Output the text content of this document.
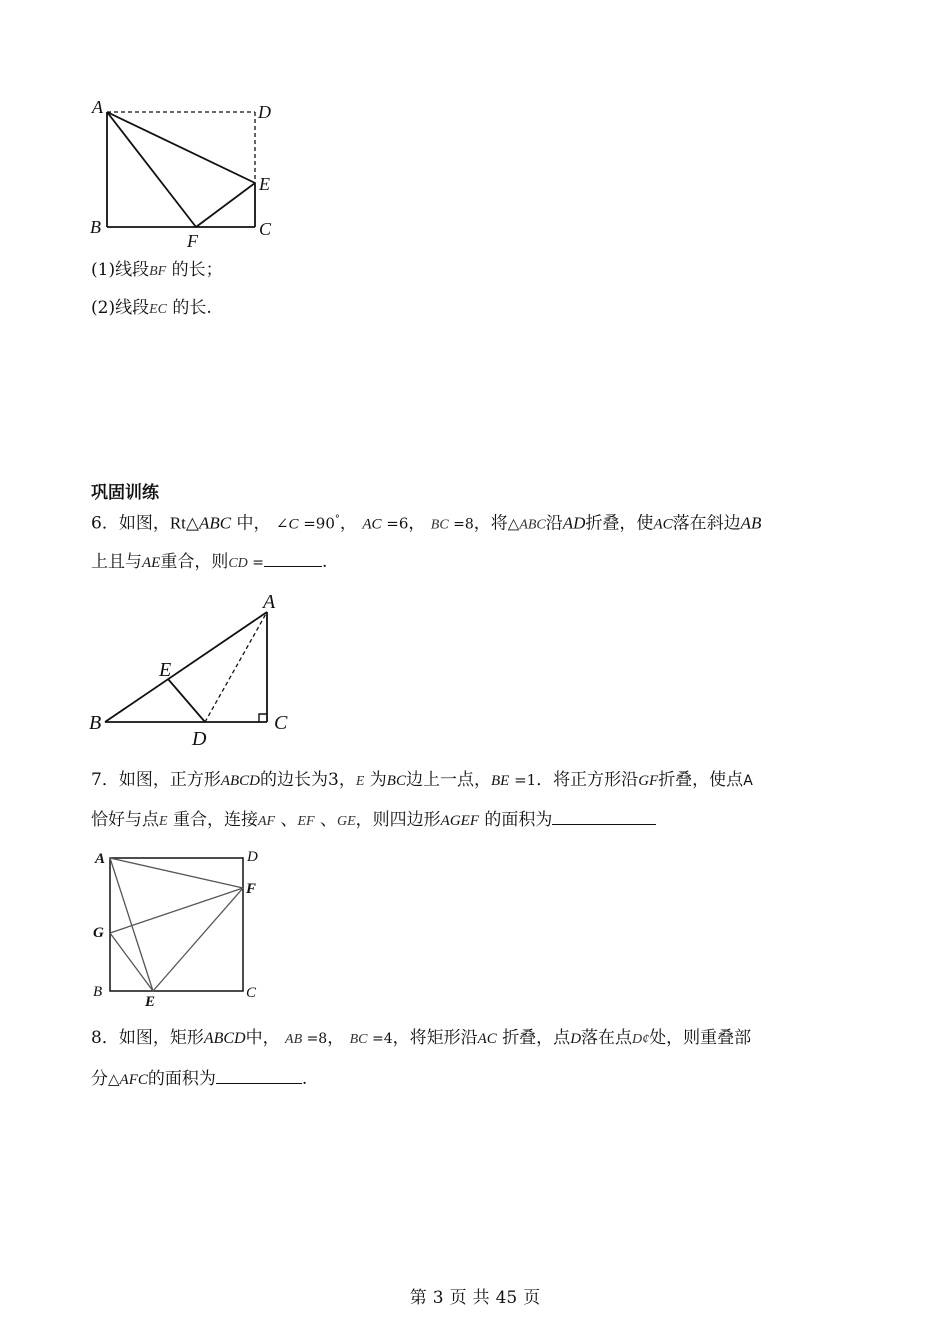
A	D
E
B
F
C
(1)线段BF 的长；
(2)线段EC 的长.
巩固训练
6．如图，Rt△ABC 中， ∠C =90°， AC =6， BC =8，将△ABC沿AD折叠，使AC落在斜边AB
上且与AE重合，则CD =	.
A
E
B
D
C
7．如图，正方形ABCD的边长为3，E 为BC边上一点，BE =1．将正方形沿GF折叠，使点A
恰好与点E 重合，连接AF 、EF 、GE，则四边形AGEF 的面积为
A	D
F
G
B
E
C
8．如图，矩形ABCD中， AB =8， BC =4，将矩形沿AC 折叠，点D落在点D¢处，则重叠部
分△AFC的面积为	.
第 3 页 共 45 页
